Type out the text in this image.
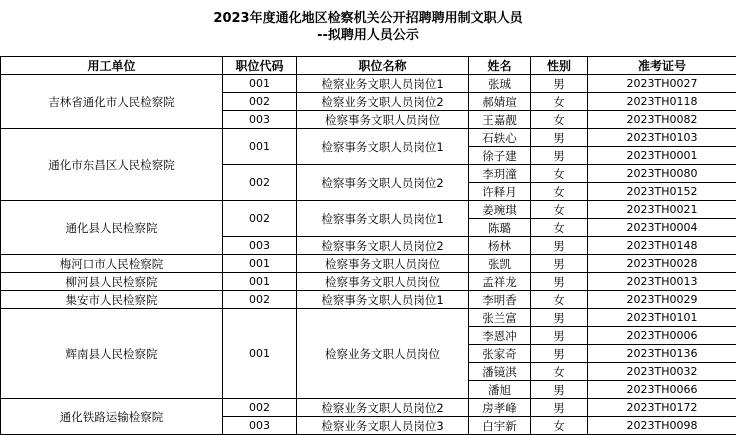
2023年度通化地区检察机关公开招聘聘用制文职人员
--拟聘用人员公示
用工单位	职位代码	职位名称	姓名	性别	准考证号
吉林省通化市人民检察院	001	检察业务文职人员岗位1	张珹	男	2023TH0027
	002	检察业务文职人员岗位2	郝婧瑄	女	2023TH0118
	003	检察事务文职人员岗位	王嘉靓	女	2023TH0082
通化市东昌区人民检察院	001	检察事务文职人员岗位1	石轶心	男	2023TH0103
			徐子建	男	2023TH0001
	002	检察事务文职人员岗位2	李玥潼	女	2023TH0080
			许释月	女	2023TH0152
通化县人民检察院	002	检察事务文职人员岗位1	姜琬琪	女	2023TH0021
			陈璐	女	2023TH0004
	003	检察事务文职人员岗位2	杨林	男	2023TH0148
梅河口市人民检察院	001	检察事务文职人员岗位	张凯	男	2023TH0028
柳河县人民检察院	001	检察事务文职人员岗位	孟祥龙	男	2023TH0013
集安市人民检察院	002	检察事务文职人员岗位1	李明香	女	2023TH0029
辉南县人民检察院	001	检察业务文职人员岗位	张兰富	男	2023TH0101
			李恩冲	男	2023TH0006
			张家奇	男	2023TH0136
			潘镜淇	女	2023TH0032
			潘旭	男	2023TH0066
通化铁路运输检察院	002	检察业务文职人员岗位2	房孝峰	男	2023TH0172
	003	检察业务文职人员岗位3	白宇新	女	2023TH0098
